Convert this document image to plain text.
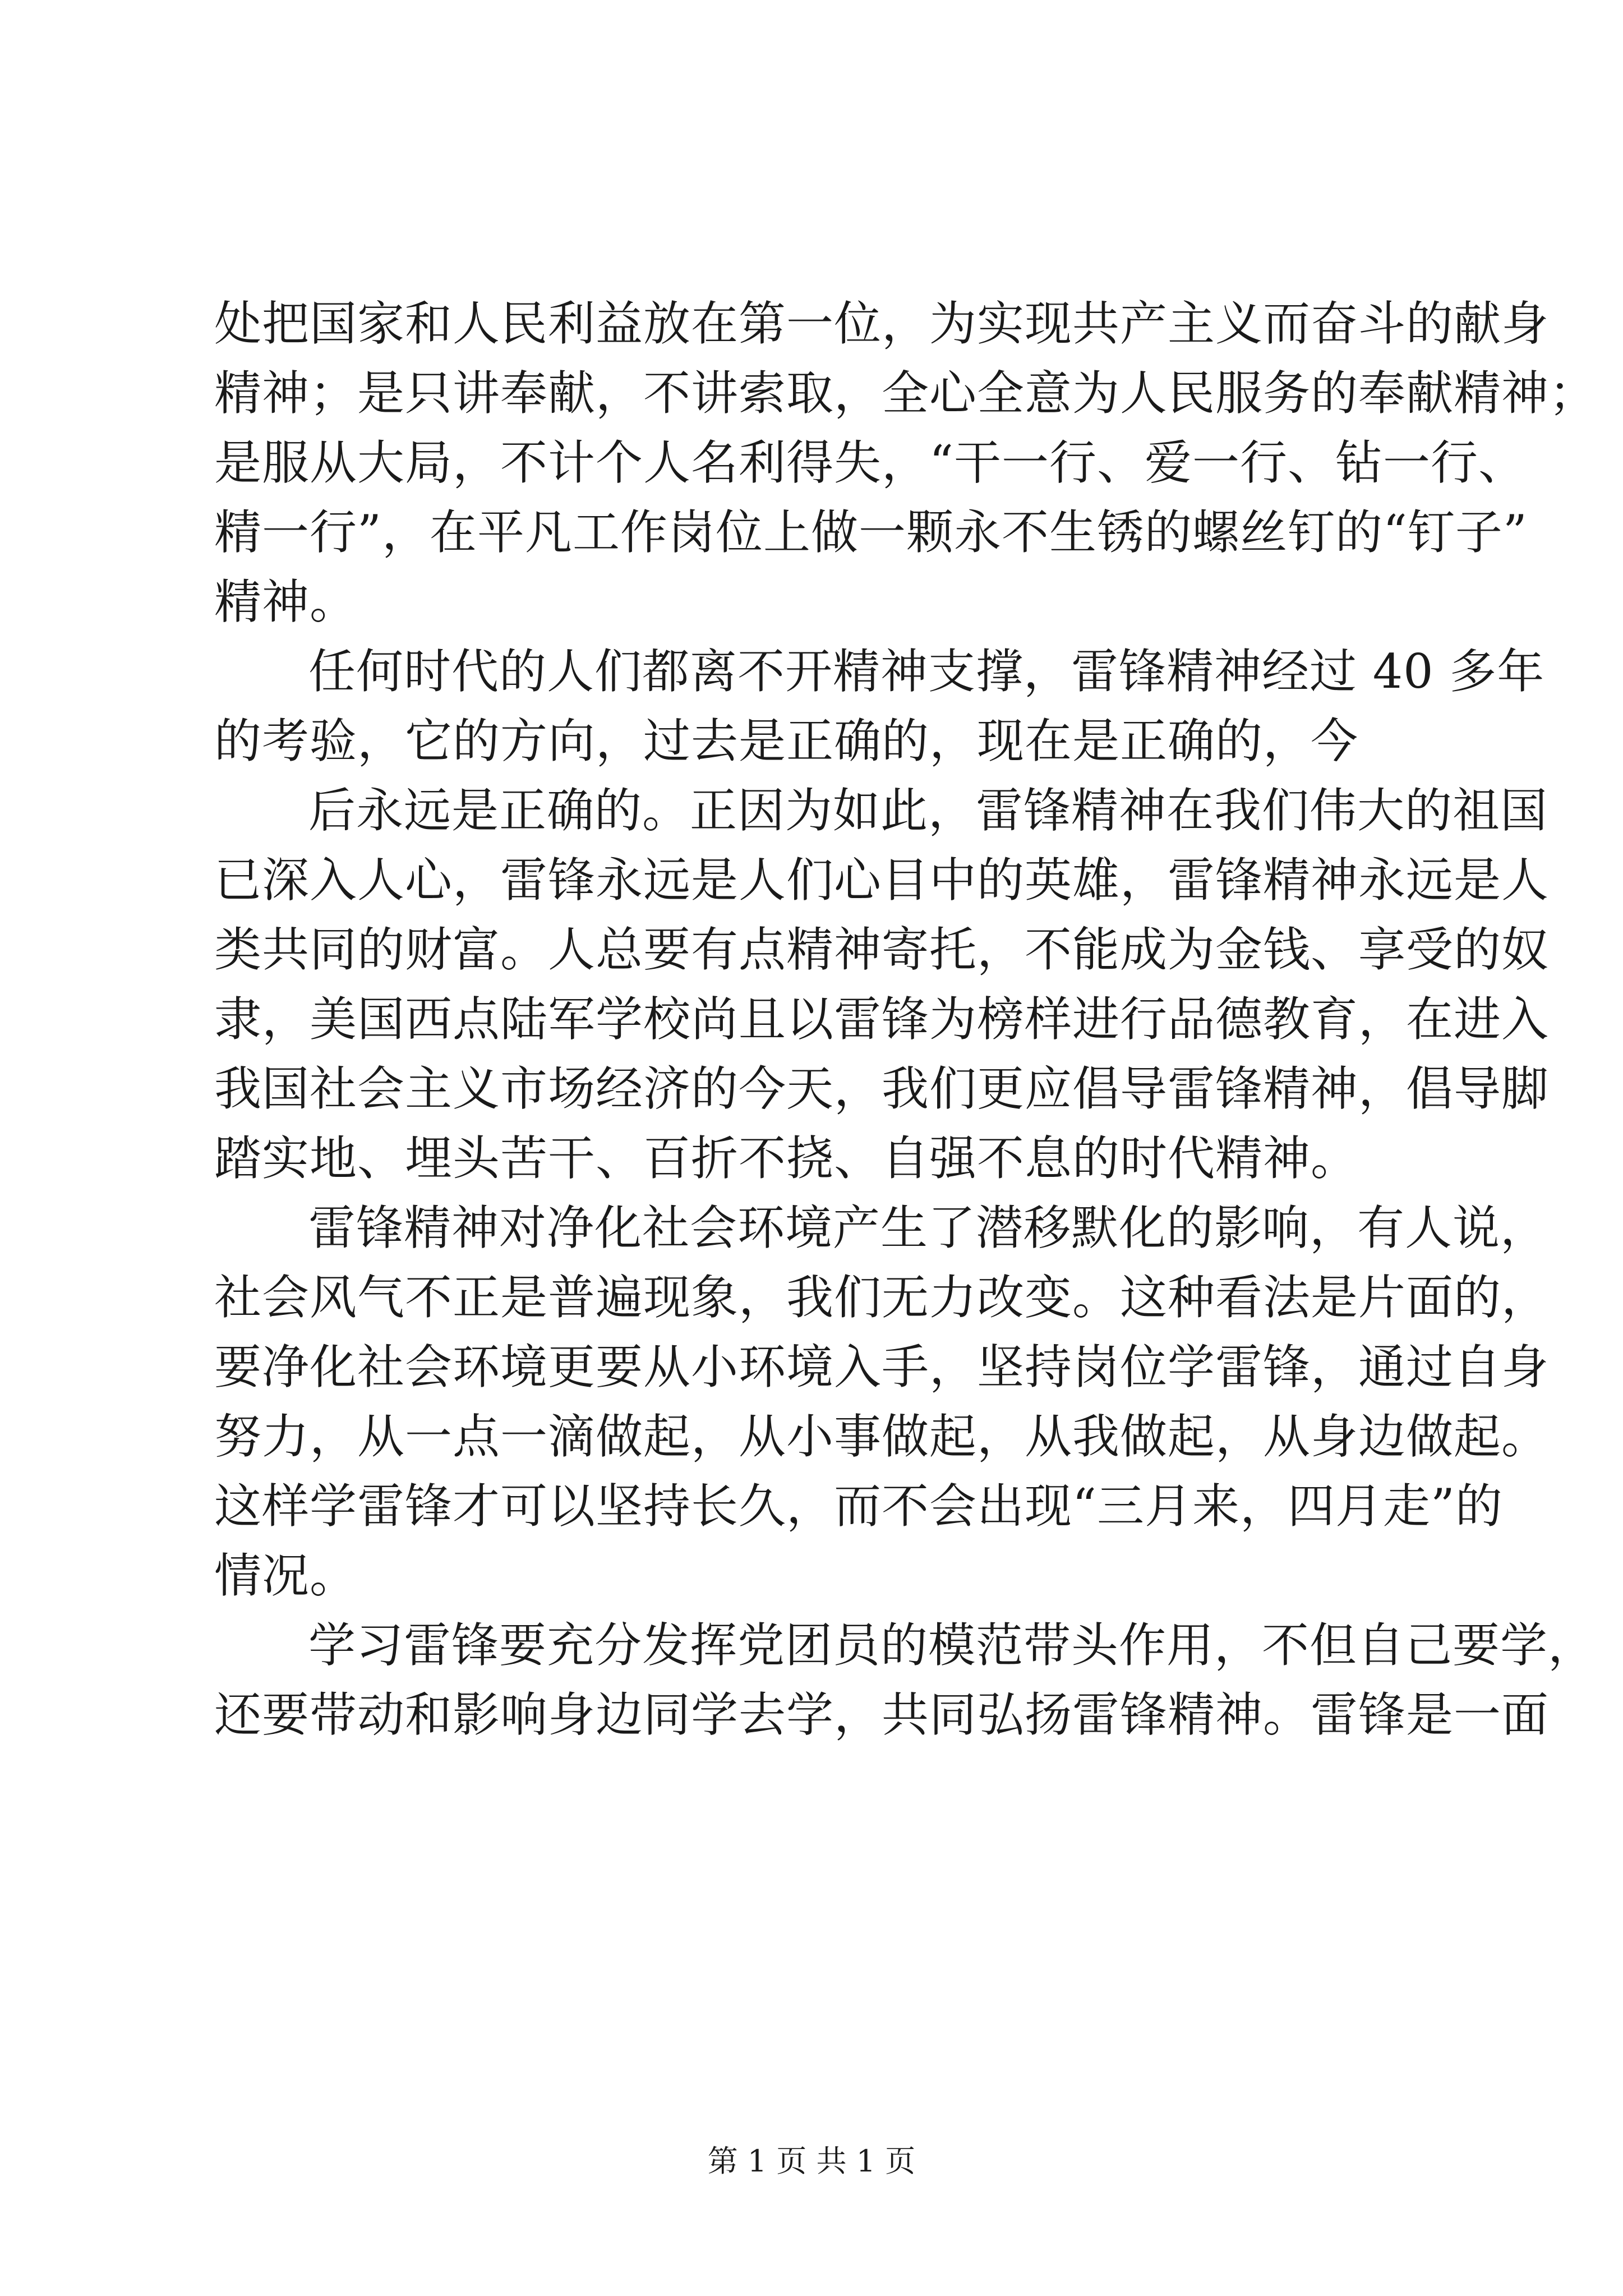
处把国家和人民利益放在第一位，为实现共产主义而奋斗的献身
精神；是只讲奉献，不讲索取，全心全意为人民服务的奉献精神；
是服从大局，不计个人名利得失，“干一行、爱一行、钻一行、
精一行”，在平凡工作岗位上做一颗永不生锈的螺丝钉的“钉子”
精神。
任何时代的人们都离不开精神支撑，雷锋精神经过 40 多年
的考验，它的方向，过去是正确的，现在是正确的，今
后永远是正确的。正因为如此，雷锋精神在我们伟大的祖国
已深入人心，雷锋永远是人们心目中的英雄，雷锋精神永远是人
类共同的财富。人总要有点精神寄托，不能成为金钱、享受的奴
隶，美国西点陆军学校尚且以雷锋为榜样进行品德教育，在进入
我国社会主义市场经济的今天，我们更应倡导雷锋精神，倡导脚
踏实地、埋头苦干、百折不挠、自强不息的时代精神。
雷锋精神对净化社会环境产生了潜移默化的影响，有人说，
社会风气不正是普遍现象，我们无力改变。这种看法是片面的，
要净化社会环境更要从小环境入手，坚持岗位学雷锋，通过自身
努力，从一点一滴做起，从小事做起，从我做起，从身边做起。
这样学雷锋才可以坚持长久，而不会出现“三月来，四月走”的
情况。
学习雷锋要充分发挥党团员的模范带头作用，不但自己要学，
还要带动和影响身边同学去学，共同弘扬雷锋精神。雷锋是一面
第 1 页 共 1 页
